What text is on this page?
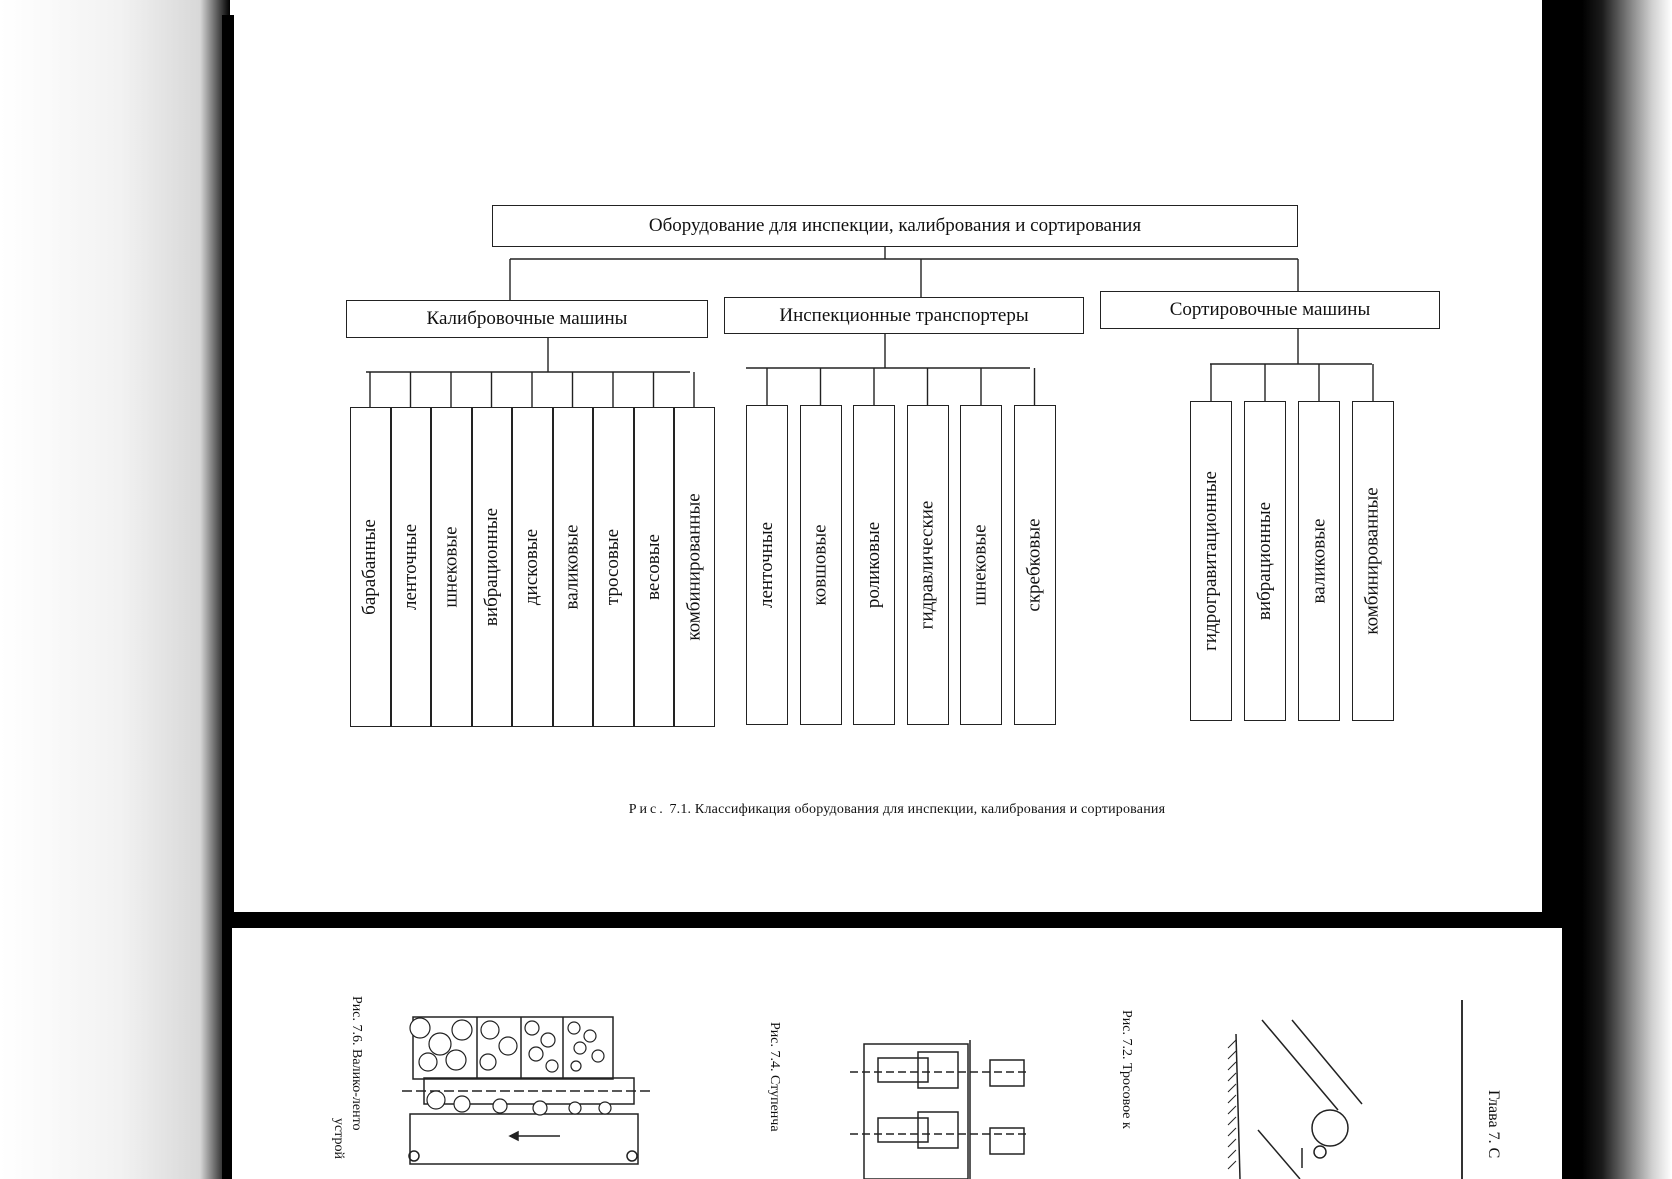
Оборудование для инспекции, калибрования и сортирования
Калибровочные машины	Инспекционные транспортеры	Сортировочные машины
барабанные ленточные шнековые вибрационные дисковые валиковые тросовые весовые комбинированные	ленточные ковшовые роликовые гидравлические шнековые скребковые	гидрогравитационные вибрационные валиковые комбинированные
Рис. 7.1. Классификация оборудования для инспекции, калибрования и сортирования
Рис. 7.6. Валико-ленто
устрой
Рис. 7.4. Ступенча	Рис. 7.2. Тросовое к	Глава 7. С
